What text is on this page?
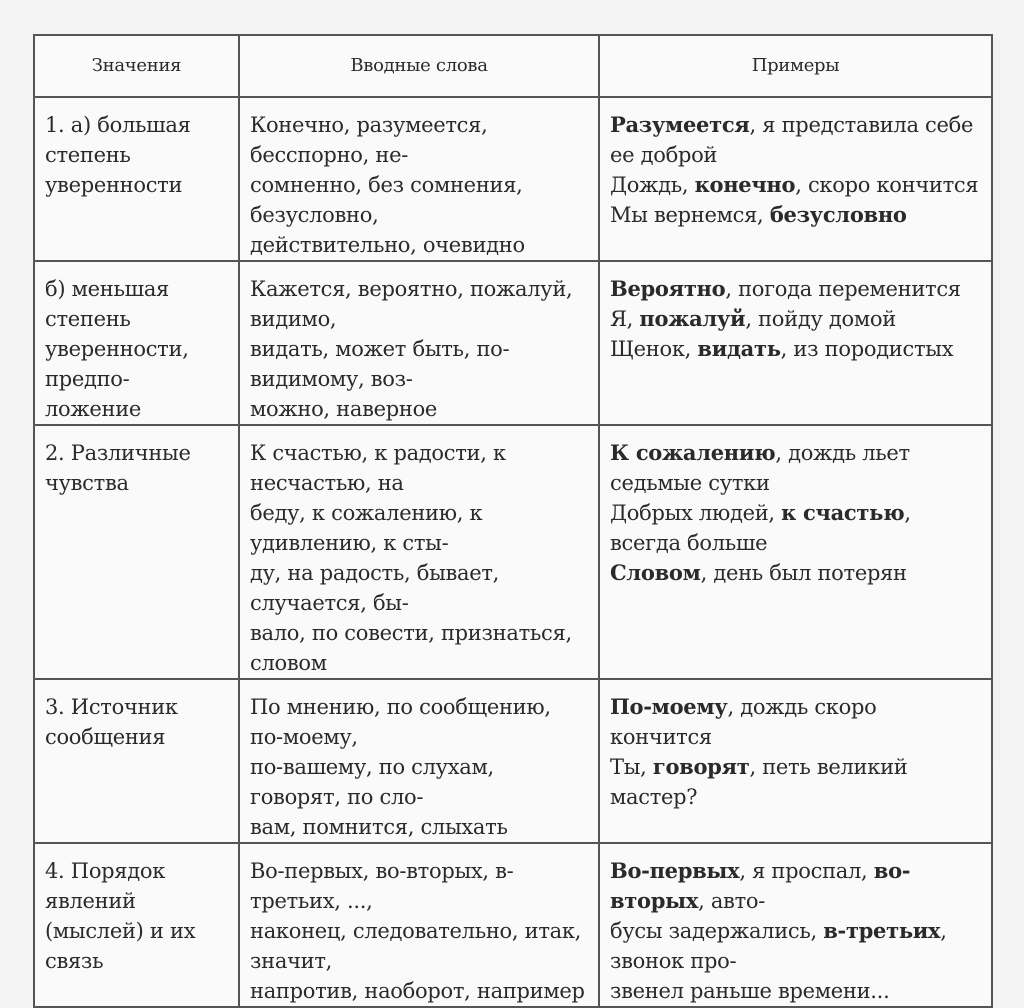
Значения	Вводные слова	Примеры

1. а) большая степень
уверенности	Конечно, разумеется, бесспорно, не-
сомненно, без сомнения, безусловно,
действительно, очевидно	Разумеется, я представила себе ее доброй
Дождь, конечно, скоро кончится
Мы вернемся, безусловно

б) меньшая степень
уверенности, предпо-
ложение	Кажется, вероятно, пожалуй, видимо,
видать, может быть, по-видимому, воз-
можно, наверное	Вероятно, погода переменится
Я, пожалуй, пойду домой
Щенок, видать, из породистых

2. Различные чувства	К счастью, к радости, к несчастью, на
беду, к сожалению, к удивлению, к сты-
ду, на радость, бывает, случается, бы-
вало, по совести, признаться, словом	К сожалению, дождь льет седьмые сутки
Добрых людей, к счастью, всегда больше
Словом, день был потерян

3. Источник сообщения	По мнению, по сообщению, по-моему,
по-вашему, по слухам, говорят, по сло-
вам, помнится, слыхать	По-моему, дождь скоро кончится
Ты, говорят, петь великий мастер?

4. Порядок явлений
(мыслей) и их связь	Во-первых, во-вторых, в-третьих, ...,
наконец, следовательно, итак, значит,
напротив, наоборот, например	Во-первых, я проспал, во-вторых, авто-
бусы задержались, в-третьих, звонок про-
звенел раньше времени...
